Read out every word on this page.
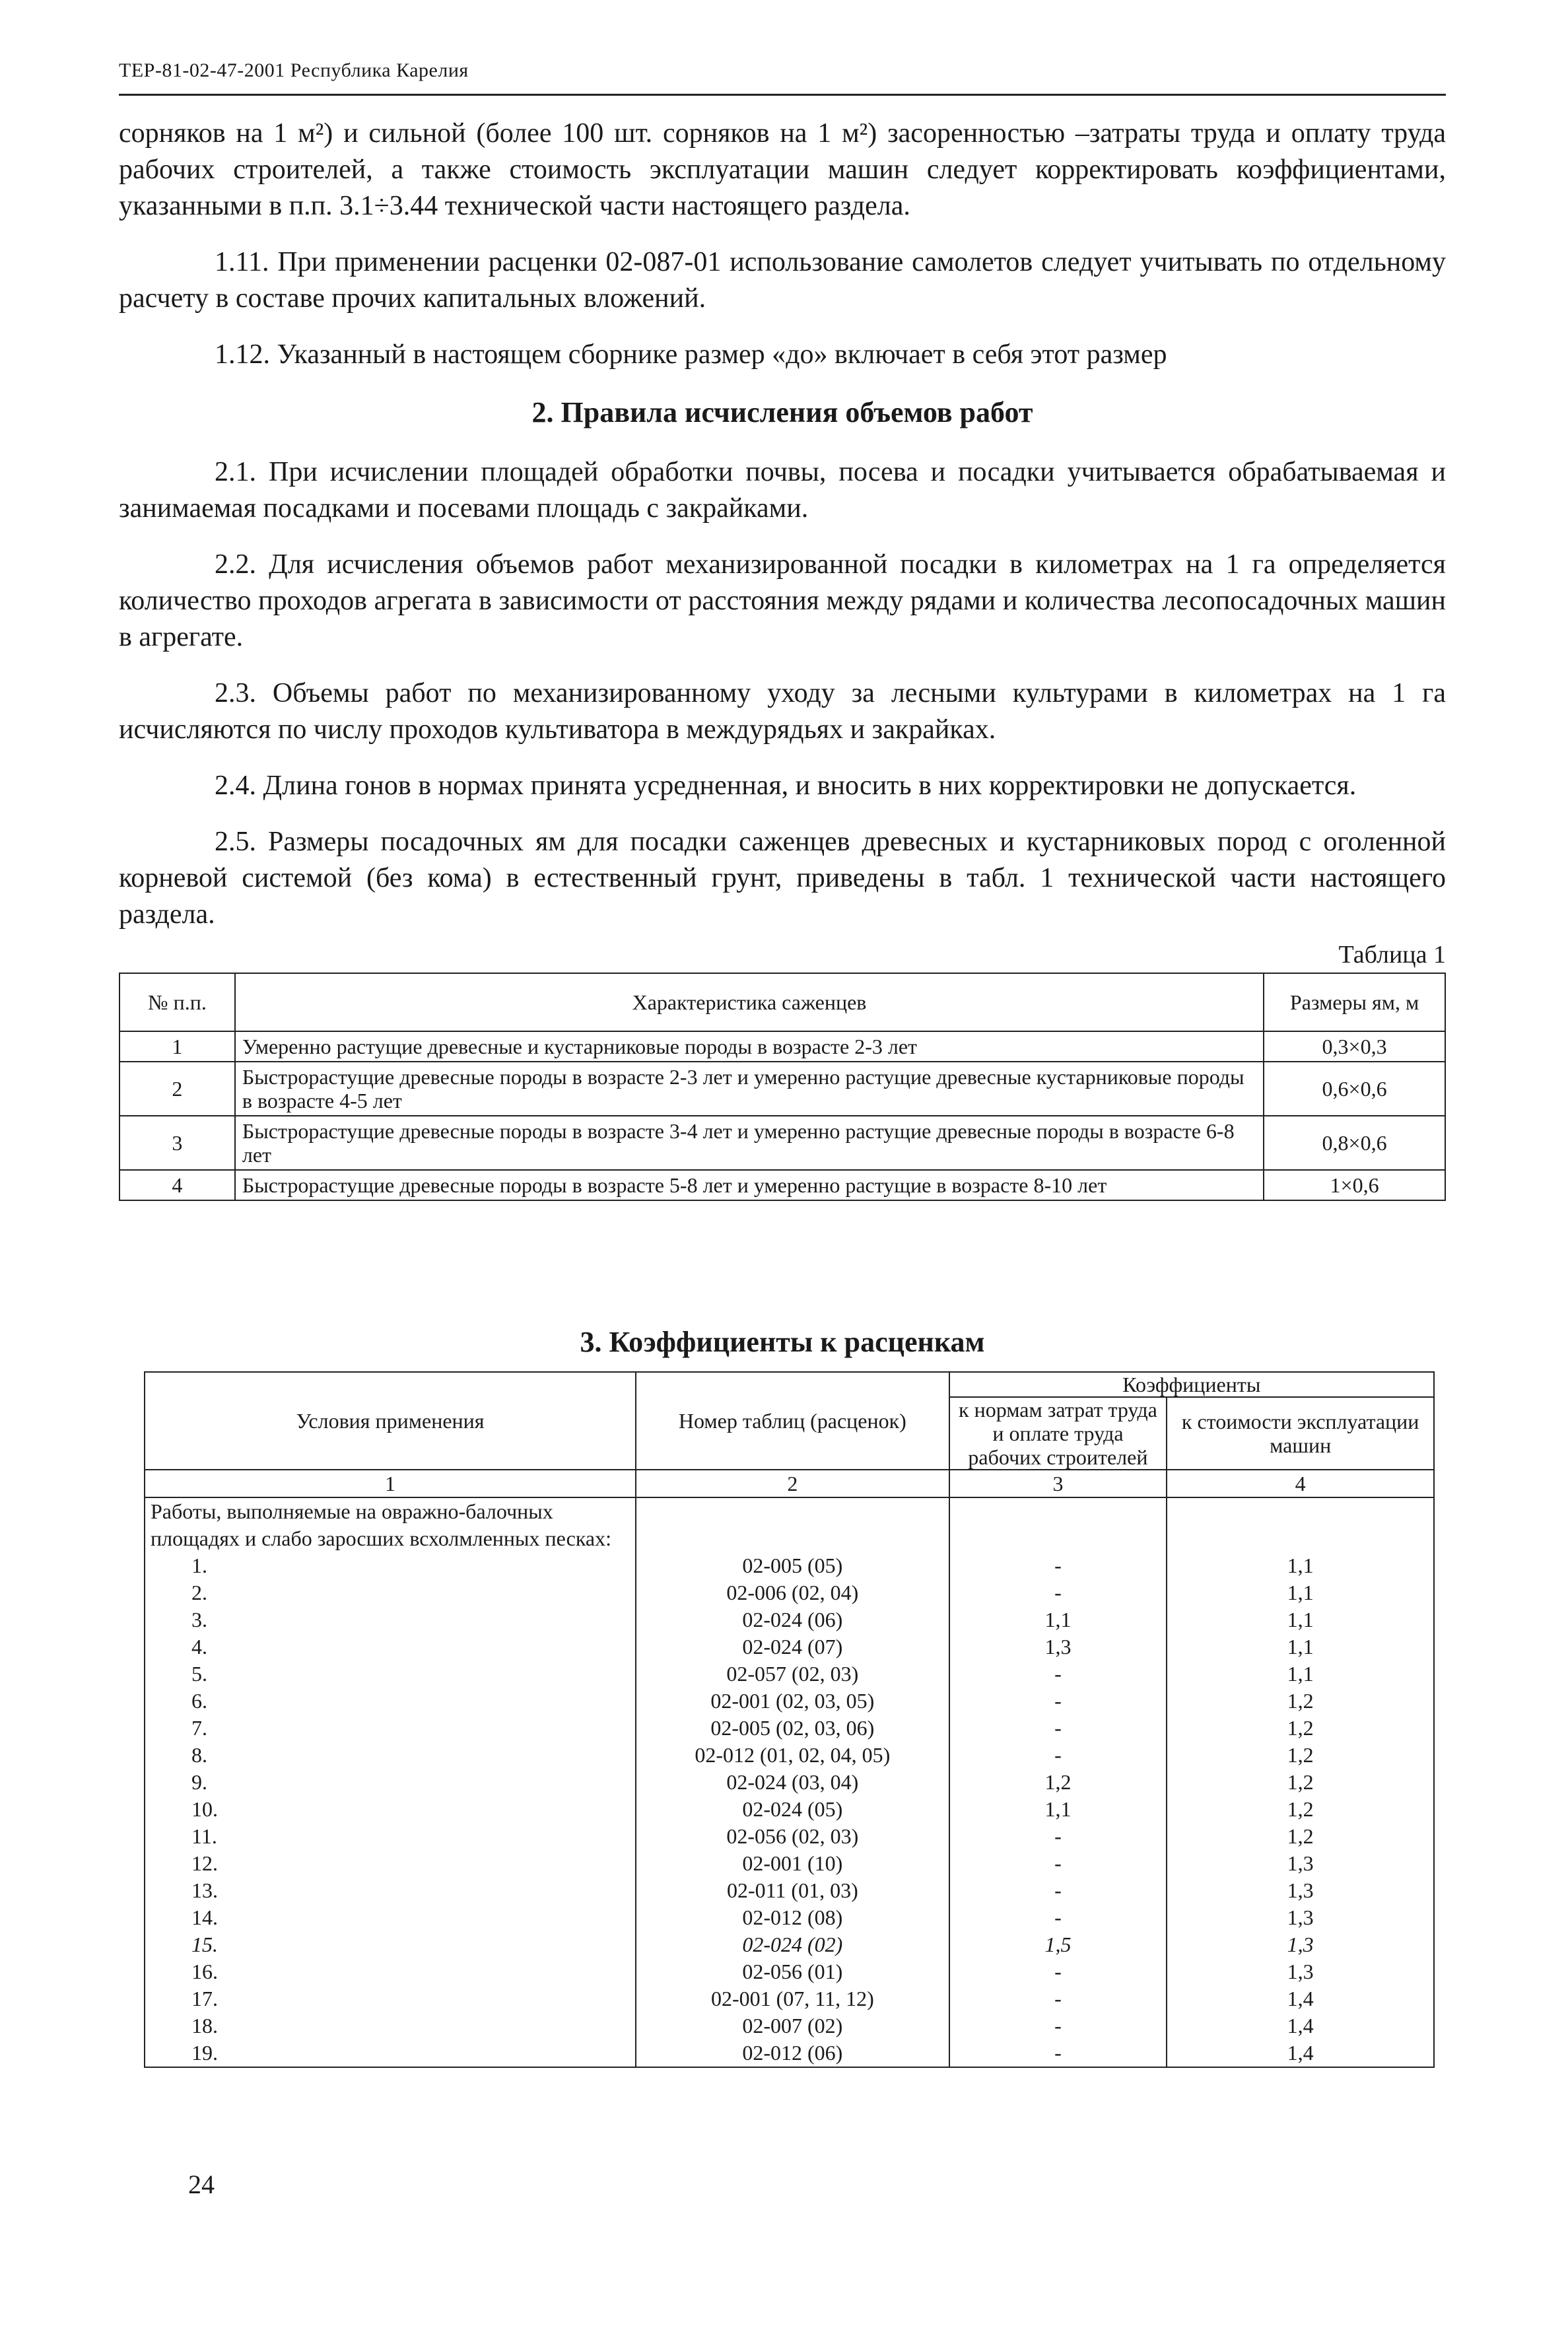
ТЕР-81-02-47-2001 Республика Карелия

сорняков на 1 м²) и сильной (более 100 шт. сорняков на 1 м²) засоренностью –затраты труда и оплату труда рабочих строителей, а также стоимость эксплуатации машин следует корректировать коэффициентами, указанными в п.п. 3.1÷3.44 технической части настоящего раздела.

1.11. При применении расценки 02-087-01 использование самолетов следует учитывать по отдельному расчету в составе прочих капитальных вложений.

1.12. Указанный в настоящем сборнике размер «до» включает в себя этот размер

2. Правила исчисления объемов работ

2.1. При исчислении площадей обработки почвы, посева и посадки учитывается обрабатываемая и занимаемая посадками и посевами площадь с закрайками.

2.2. Для исчисления объемов работ механизированной посадки в километрах на 1 га определяется количество проходов агрегата в зависимости от расстояния между рядами и количества лесопосадочных машин в агрегате.

2.3. Объемы работ по механизированному уходу за лесными культурами в километрах на 1 га исчисляются по числу проходов культиватора в междурядьях и закрайках.

2.4. Длина гонов в нормах принята усредненная, и вносить в них корректировки не допускается.

2.5. Размеры посадочных ям для посадки саженцев древесных и кустарниковых пород с оголенной корневой системой (без кома) в естественный грунт, приведены в табл. 1 технической части настоящего раздела.

Таблица 1
№ п.п.	Характеристика саженцев	Размеры ям, м
1	Умеренно растущие древесные и кустарниковые породы в возрасте 2-3 лет	0,3×0,3
2	Быстрорастущие древесные породы в возрасте 2-3 лет и умеренно растущие древесные кустарниковые породы в возрасте 4-5 лет	0,6×0,6
3	Быстрорастущие древесные породы в возрасте 3-4 лет и умеренно растущие древесные породы в возрасте 6-8 лет	0,8×0,6
4	Быстрорастущие древесные породы в возрасте 5-8 лет и умеренно растущие в возрасте 8-10 лет	1×0,6
3. Коэффициенты к расценкам
Условия применения	Номер таблиц (расценок)	Коэффициенты	
		к нормам затрат труда и оплате труда рабочих строителей	к стоимости эксплуатации машин
1	2	3	4
Работы, выполняемые на овражно-балочных площадях и слабо заросших всхолмленных песках:			
1.	02-005 (05)	-	1,1
2.	02-006 (02, 04)	-	1,1
3.	02-024 (06)	1,1	1,1
4.	02-024 (07)	1,3	1,1
5.	02-057 (02, 03)	-	1,1
6.	02-001 (02, 03, 05)	-	1,2
7.	02-005 (02, 03, 06)	-	1,2
8.	02-012 (01, 02, 04, 05)	-	1,2
9.	02-024 (03, 04)	1,2	1,2
10.	02-024 (05)	1,1	1,2
11.	02-056 (02, 03)	-	1,2
12.	02-001 (10)	-	1,3
13.	02-011 (01, 03)	-	1,3
14.	02-012 (08)	-	1,3
15.	02-024 (02)	1,5	1,3
16.	02-056 (01)	-	1,3
17.	02-001 (07, 11, 12)	-	1,4
18.	02-007 (02)	-	1,4
19.	02-012 (06)	-	1,4
24
